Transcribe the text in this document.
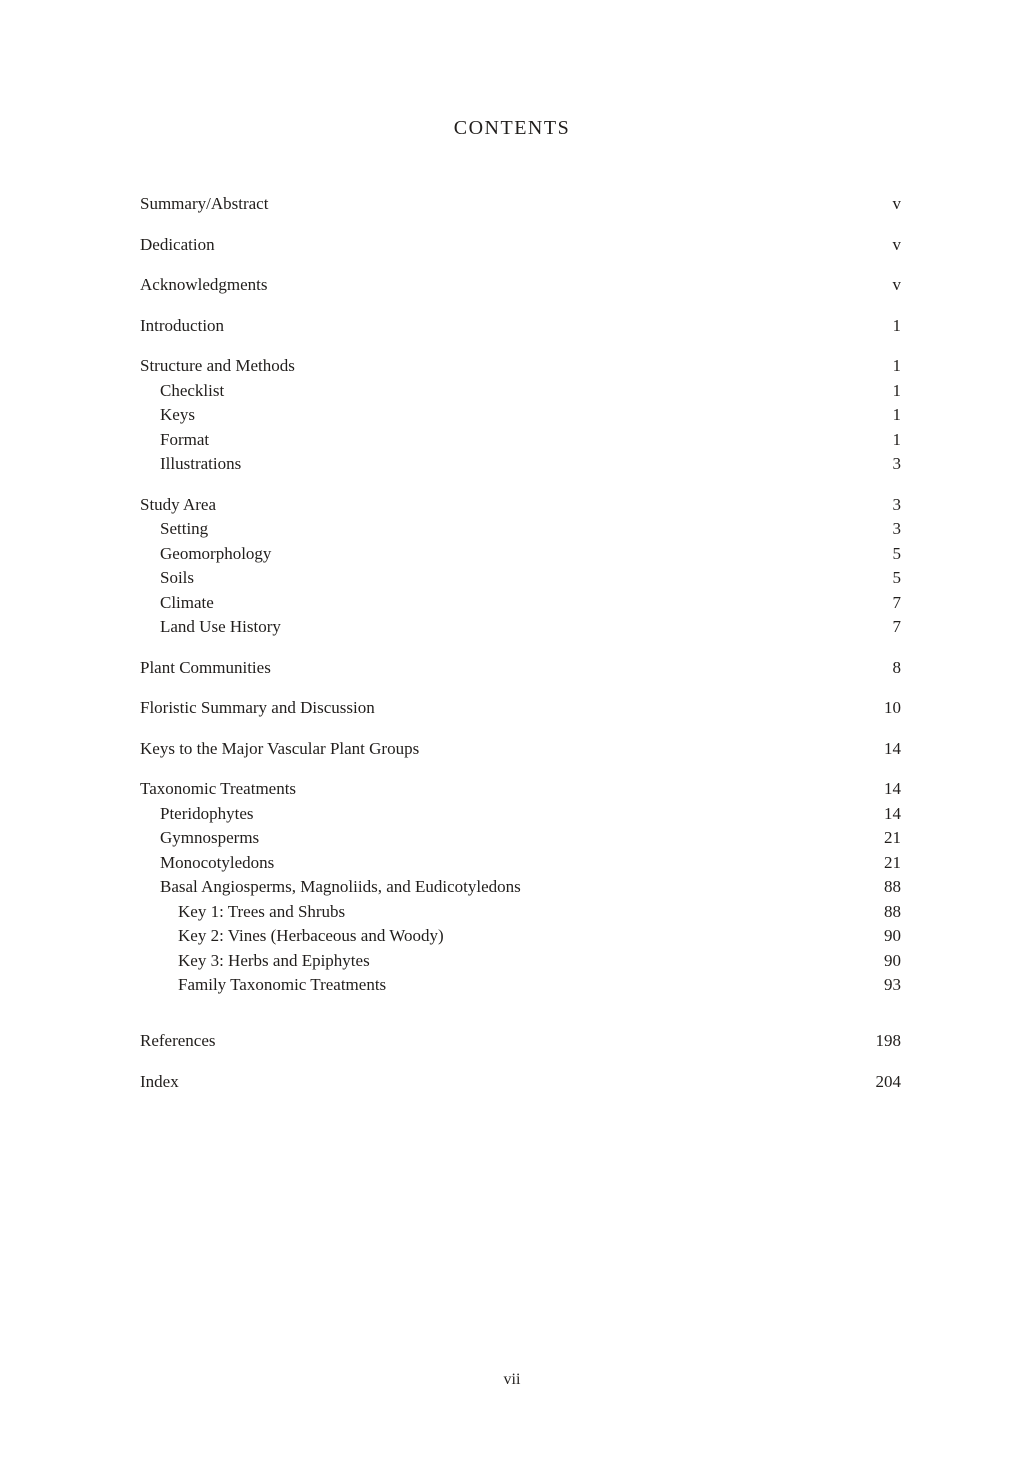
CONTENTS
Summary/Abstract	v
Dedication	v
Acknowledgments	v
Introduction	1
Structure and Methods	1
Checklist	1
Keys	1
Format	1
Illustrations	3
Study Area	3
Setting	3
Geomorphology	5
Soils	5
Climate	7
Land Use History	7
Plant Communities	8
Floristic Summary and Discussion	10
Keys to the Major Vascular Plant Groups	14
Taxonomic Treatments	14
Pteridophytes	14
Gymnosperms	21
Monocotyledons	21
Basal Angiosperms, Magnoliids, and Eudicotyledons	88
Key 1: Trees and Shrubs	88
Key 2: Vines (Herbaceous and Woody)	90
Key 3: Herbs and Epiphytes	90
Family Taxonomic Treatments	93
References	198
Index	204
vii
